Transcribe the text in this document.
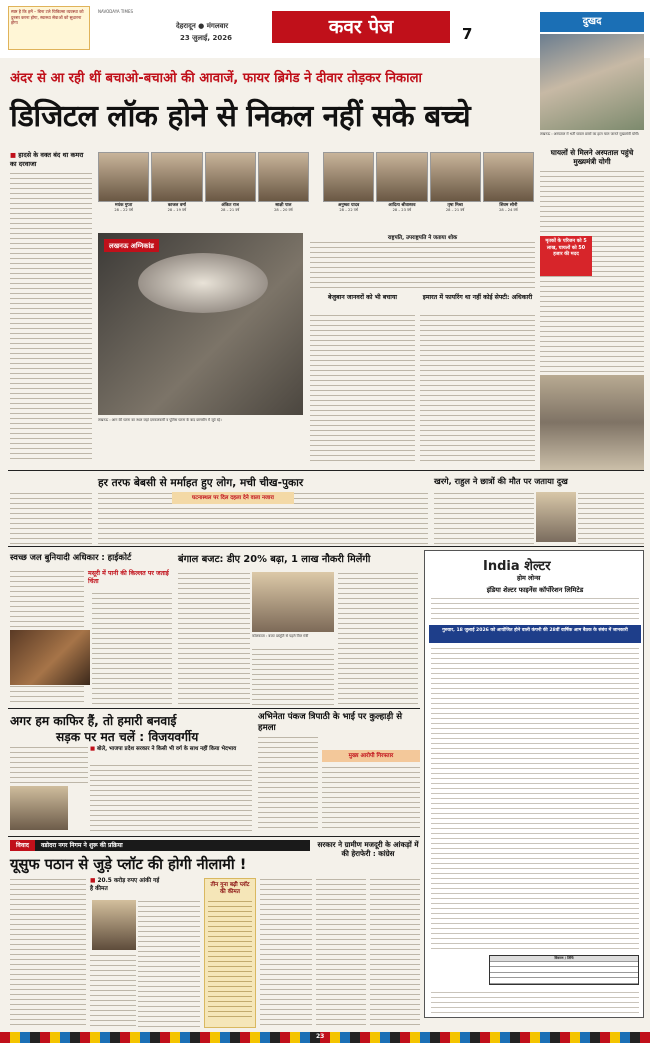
स्पष्ट है कि हमें – बिना टले चिकित्सा व्यवस्था को दुरुस्त करना होगा, स्वास्थ्य सेवाओं को सुधारना होगा
NAVODAYA TIMES
देहरादून ● मंगलवार
23 जुलाई, 2026	कवर पेज	7
दुखद
लखनऊ : अस्पताल में भर्ती घायल छात्रों का हाल चाल जानते मुख्यमंत्री योगी।
घायलों से मिलने अस्पताल पहुंचे मुख्यमंत्री योगी
मृतकों के परिजन को 5 लाख, घायलों को 50 हजार की मदद
अंदर से आ रही थीं बचाओ-बचाओ की आवाजें, फायर ब्रिगेड ने दीवार तोड़कर निकाला
डिजिटल लॉक होने से निकल नहीं सके बच्चे
■ हादसे के वक्त बंद था कमरा का दरवाजा
मयंक गुप्ता
28 – 22 वर्ष
काजल वर्मा
28 – 19 वर्ष
अंकित राज
28 – 21 वर्ष
साक्षी पाल
28 – 20 वर्ष
अनुष्का यादव
28 – 22 वर्ष
आदित्य श्रीवास्तव
28 – 23 वर्ष
तृषा मिश्रा
28 – 21 वर्ष
शिवम सोनी
28 – 24 वर्ष
लखनऊ अग्निकांड
लखनऊ : आग की घटना का स्थल जहां दमकलकर्मी व पुलिस घटना के बाद छानबीन में जुटे रहे।
राष्ट्रपति, उपराष्ट्रपति ने जताया शोक
बेजुबान जानवरों को भी बचाया	इमारत में फायरिंग था नहीं कोई सेफ्टी: अधिकारी
हर तरफ बेबसी से मर्माहत हुए लोग, मची चीख-पुकार
घटनास्थल पर दिल दहला देने वाला नजारा
खरगे, राहुल ने छात्रों की मौत पर जताया दुख
स्वच्छ जल बुनियादी अधिकार : हाईकोर्ट
मसूरी में पानी की किल्लत पर जताई चिंता
बंगाल बजट: डीए 20% बढ़ा, 1 लाख नौकरी मिलेंगी
कोलकाता : बजट प्रस्तुति से पहले वित्त मंत्री
India शेल्टर
होम लोन्स
इंडिया शेल्टर फाइनेंस कॉर्पोरेशन लिमिटेड
गुरुवार, 18 जुलाई 2026 को आयोजित होने वाली कंपनी की 28वीं वार्षिक आम बैठक के संबंध में जानकारी
विवरण / तिथि
अगर हम काफिर हैं, तो हमारी बनवाई
सड़क पर मत चलें : विजयवर्गीय
■ बोले, भाजपा प्रदेश सरकार ने किसी भी वर्ग के साथ नहीं किया भेदभाव
अभिनेता पंकज त्रिपाठी के भाई पर कुल्हाड़ी से हमला
मुख्य आरोपी गिरफ्तार
विवाद	वडोदरा नगर निगम ने शुरू की प्रक्रिया
यूसुफ पठान से जुड़े प्लॉट की होगी नीलामी !
■ 20.5 करोड़ रुपए आंकी गई है कीमत
तीन गुना बढ़ी प्लॉट की कीमत
सरकार ने ग्रामीण मजदूरी के आंकड़ों में की हेराफेरी : कांग्रेस
23
